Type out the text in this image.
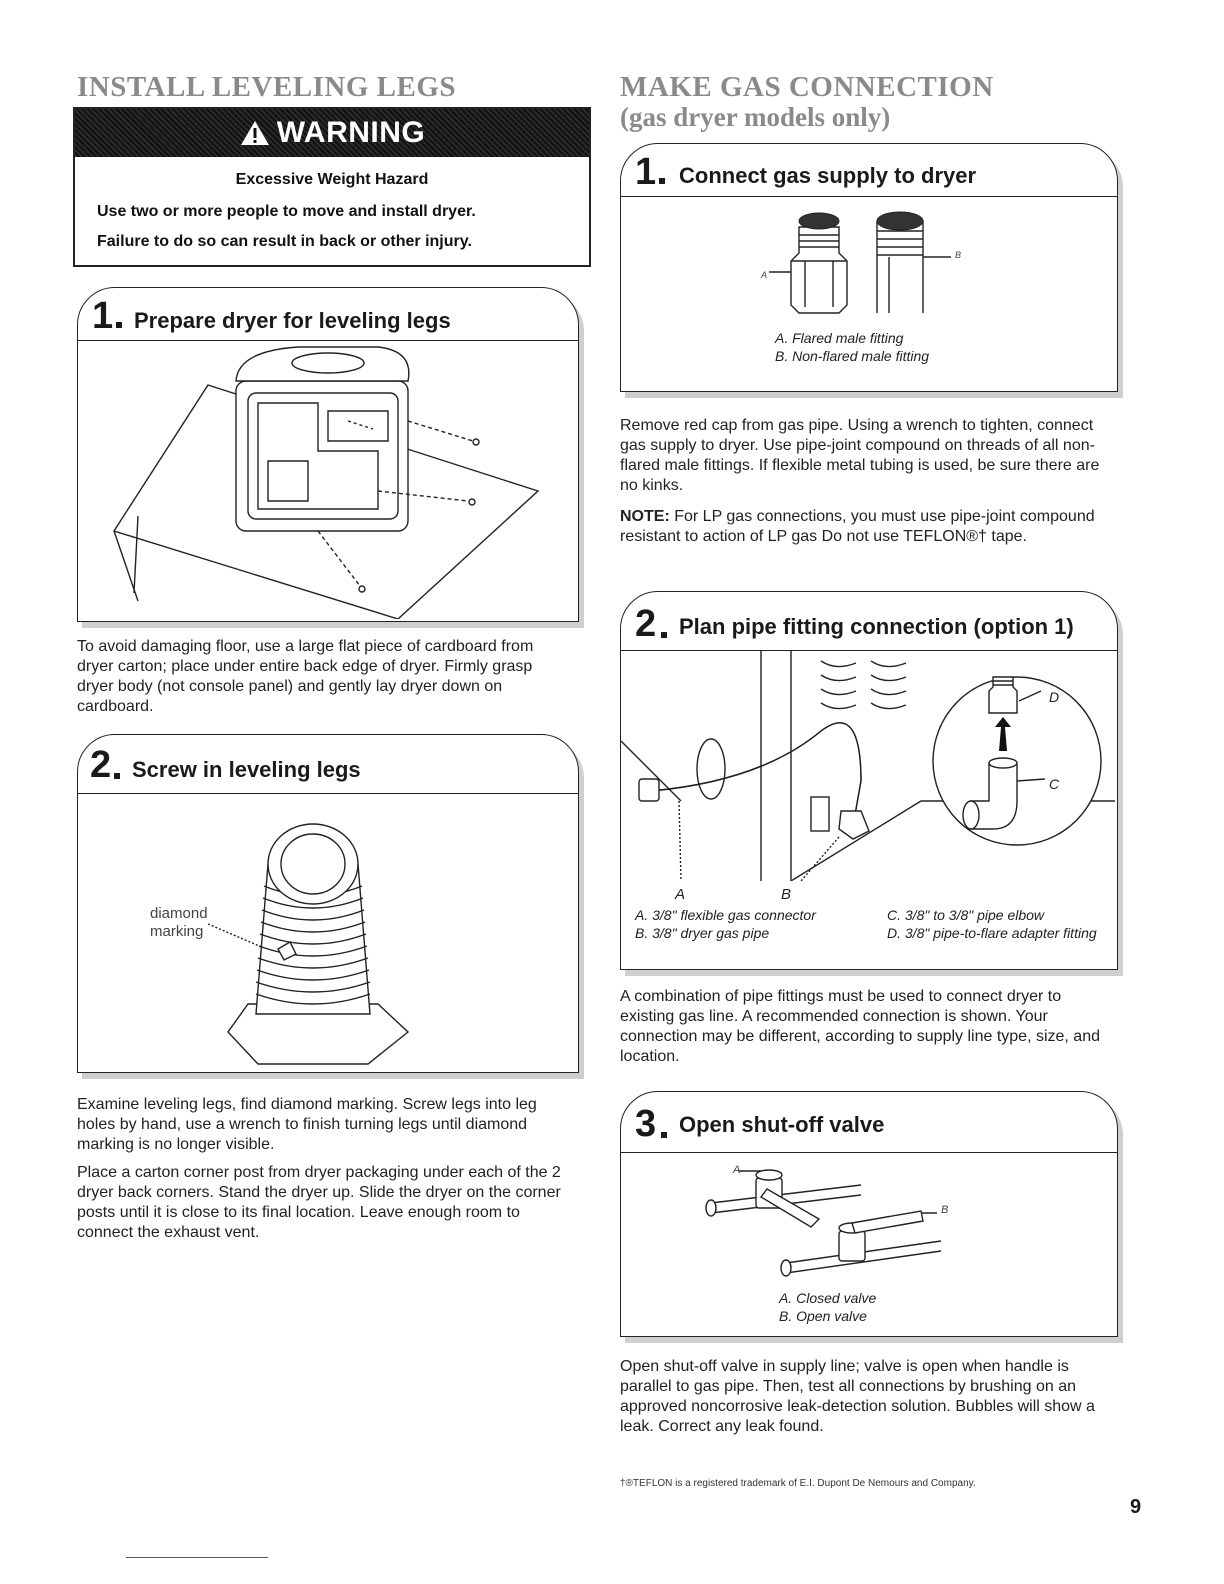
INSTALL LEVELING LEGS
WARNING
Excessive Weight Hazard
Use two or more people to move and install dryer.
Failure to do so can result in back or other injury.
1 Prepare dryer for leveling legs
To avoid damaging floor, use a large flat piece of cardboard from dryer carton; place under entire back edge of dryer. Firmly grasp dryer body (not console panel) and gently lay dryer down on cardboard.
2 Screw in leveling legs
diamond marking
Examine leveling legs, find diamond marking. Screw legs into leg holes by hand, use a wrench to finish turning legs until diamond marking is no longer visible.
Place a carton corner post from dryer packaging under each of the 2 dryer back corners. Stand the dryer up. Slide the dryer on the corner posts until it is close to its final location. Leave enough room to connect the exhaust vent.
MAKE GAS CONNECTION
(gas dryer models only)
1 Connect gas supply to dryer
A
B
A. Flared male fitting
B. Non-flared male fitting
Remove red cap from gas pipe. Using a wrench to tighten, connect gas supply to dryer. Use pipe-joint compound on threads of all non-flared male fittings. If flexible metal tubing is used, be sure there are no kinks.
NOTE: For LP gas connections, you must use pipe-joint compound resistant to action of LP gas Do not use TEFLON®† tape.
2 Plan pipe fitting connection (option 1)
A	B
C
D
A. 3/8" flexible gas connector
B. 3/8" dryer gas pipe
C. 3/8" to 3/8" pipe elbow
D. 3/8" pipe-to-flare adapter fitting
A combination of pipe fittings must be used to connect dryer to existing gas line. A recommended connection is shown. Your connection may be different, according to supply line type, size, and location.
3 Open shut-off valve
A
B
A. Closed valve
B. Open valve
Open shut-off valve in supply line; valve is open when handle is parallel to gas pipe. Then, test all connections by brushing on an approved noncorrosive leak-detection solution. Bubbles will show a leak. Correct any leak found.
†®TEFLON is a registered trademark of E.I. Dupont De Nemours and Company.
9
